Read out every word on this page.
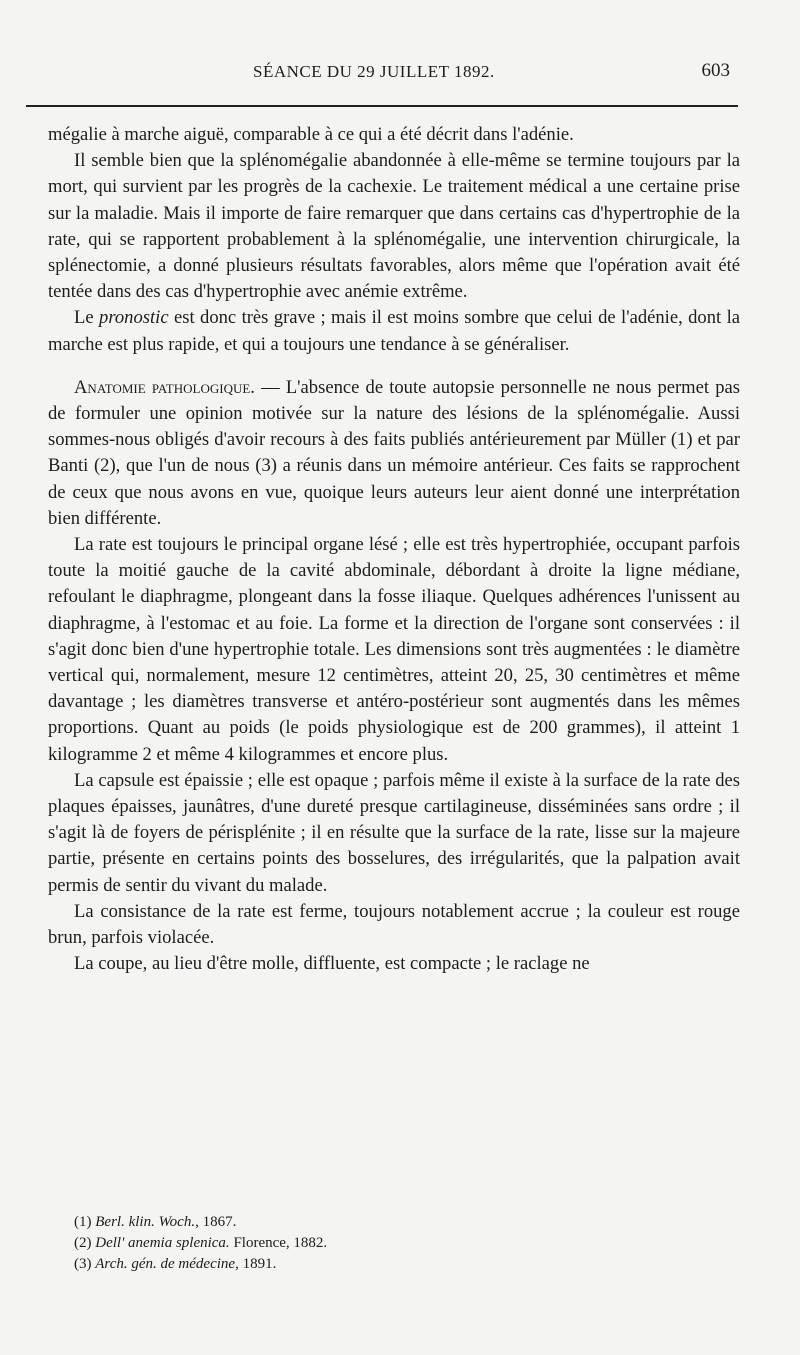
SÉANCE DU 29 JUILLET 1892.	603

mégalie à marche aiguë, comparable à ce qui a été décrit dans l'adénie.

Il semble bien que la splénomégalie abandonnée à elle-même se termine toujours par la mort, qui survient par les progrès de la cachexie. Le traitement médical a une certaine prise sur la maladie. Mais il importe de faire remarquer que dans certains cas d'hypertrophie de la rate, qui se rapportent probablement à la splénomégalie, une intervention chirurgicale, la splénectomie, a donné plusieurs résultats favorables, alors même que l'opération avait été tentée dans des cas d'hypertrophie avec anémie extrême.

Le pronostic est donc très grave ; mais il est moins sombre que celui de l'adénie, dont la marche est plus rapide, et qui a toujours une tendance à se généraliser.

Anatomie pathologique. — L'absence de toute autopsie personnelle ne nous permet pas de formuler une opinion motivée sur la nature des lésions de la splénomégalie. Aussi sommes-nous obligés d'avoir recours à des faits publiés antérieurement par Müller (1) et par Banti (2), que l'un de nous (3) a réunis dans un mémoire antérieur. Ces faits se rapprochent de ceux que nous avons en vue, quoique leurs auteurs leur aient donné une interprétation bien différente.

La rate est toujours le principal organe lésé ; elle est très hypertrophiée, occupant parfois toute la moitié gauche de la cavité abdominale, débordant à droite la ligne médiane, refoulant le diaphragme, plongeant dans la fosse iliaque. Quelques adhérences l'unissent au diaphragme, à l'estomac et au foie. La forme et la direction de l'organe sont conservées : il s'agit donc bien d'une hypertrophie totale. Les dimensions sont très augmentées : le diamètre vertical qui, normalement, mesure 12 centimètres, atteint 20, 25, 30 centimètres et même davantage ; les diamètres transverse et antéro-postérieur sont augmentés dans les mêmes proportions. Quant au poids (le poids physiologique est de 200 grammes), il atteint 1 kilogramme 2 et même 4 kilogrammes et encore plus.

La capsule est épaissie ; elle est opaque ; parfois même il existe à la surface de la rate des plaques épaisses, jaunâtres, d'une dureté presque cartilagineuse, disséminées sans ordre ; il s'agit là de foyers de périsplénite ; il en résulte que la surface de la rate, lisse sur la majeure partie, présente en certains points des bosselures, des irrégularités, que la palpation avait permis de sentir du vivant du malade.

La consistance de la rate est ferme, toujours notablement accrue ; la couleur est rouge brun, parfois violacée.

La coupe, au lieu d'être molle, diffluente, est compacte ; le raclage ne

(1) Berl. klin. Woch., 1867.
(2) Dell' anemia splenica. Florence, 1882.
(3) Arch. gén. de médecine, 1891.
